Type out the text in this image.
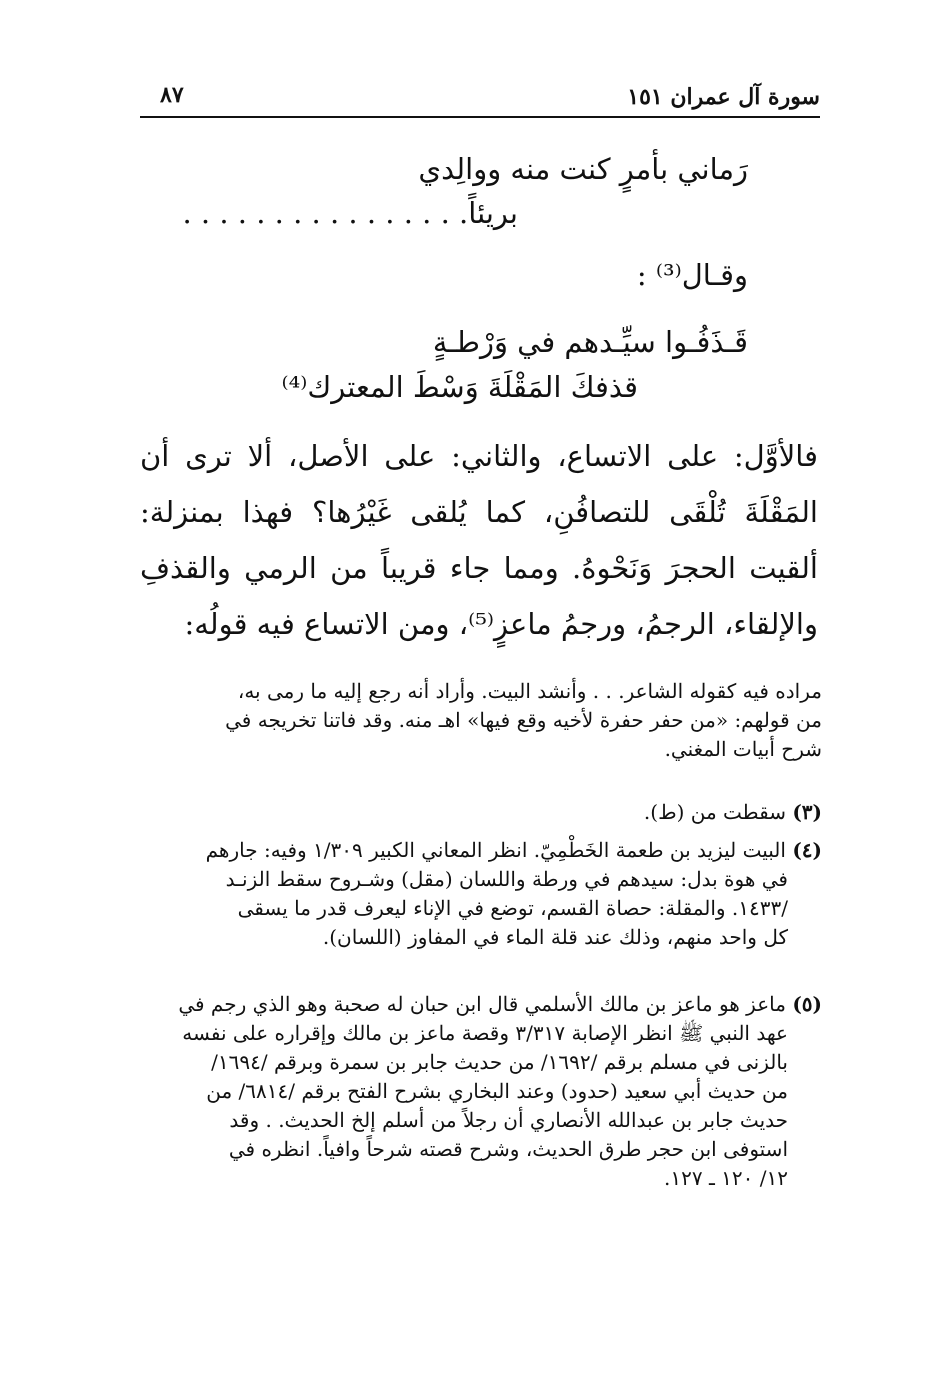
سورة آل عمران ١٥١
٨٧
رَماني بأمرٍ كنت منه ووالِدي
بريئاً. . . . . . . . . . . . . . . .
وقـال⁽³⁾ :
قَـذَفُـوا سيِّـدهم في وَرْطـةٍ
قذفكَ المَقْلَةَ وَسْطَ المعترك⁽⁴⁾
فالأوَّل: على الاتساع، والثاني: على الأصل، ألا ترى أن المَقْلَةَ تُلْقَى للتصافُنِ، كما يُلقى غَيْرُها؟ فهذا بمنزلة: ألقيت الحجرَ وَنَحْوهُ. ومما جاء قريباً من الرمي والقذفِ والإلقاء، الرجمُ، ورجمُ ماعزٍ⁽⁵⁾، ومن الاتساع فيه قولُه:
مراده فيه كقوله الشاعر. . . وأنشد البيت. وأراد أنه رجع إليه ما رمى به،
من قولهم: «من حفر حفرة لأخيه وقع فيها» اهـ منه. وقد فاتنا تخريجه في
شرح أبيات المغني.
(٣) سقطت من (ط).
(٤) البيت ليزيد بن طعمة الخَطْمِيّ. انظر المعاني الكبير ١/٣٠٩ وفيه: جارهم
في هوة بدل: سيدهم في ورطة واللسان (مقل) وشـروح سقط الزنـد
/١٤٣٣. والمقلة: حصاة القسم، توضع في الإناء ليعرف قدر ما يسقى
كل واحد منهم، وذلك عند قلة الماء في المفاوز (اللسان).
(٥) ماعز هو ماعز بن مالك الأسلمي قال ابن حبان له صحبة وهو الذي رجم في
عهد النبي ﷺ انظر الإصابة ٣/٣١٧ وقصة ماعز بن مالك وإقراره على نفسه
بالزنى في مسلم برقم /١٦٩٢/ من حديث جابر بن سمرة وبرقم /١٦٩٤/
من حديث أبي سعيد (حدود) وعند البخاري بشرح الفتح برقم /٦٨١٤/ من
حديث جابر بن عبدالله الأنصاري أن رجلاً من أسلم إلخ الحديث. . وقد
استوفى ابن حجر طرق الحديث، وشرح قصته شرحاً وافياً. انظره في
١٢/ ١٢٠ ـ ١٢٧.
